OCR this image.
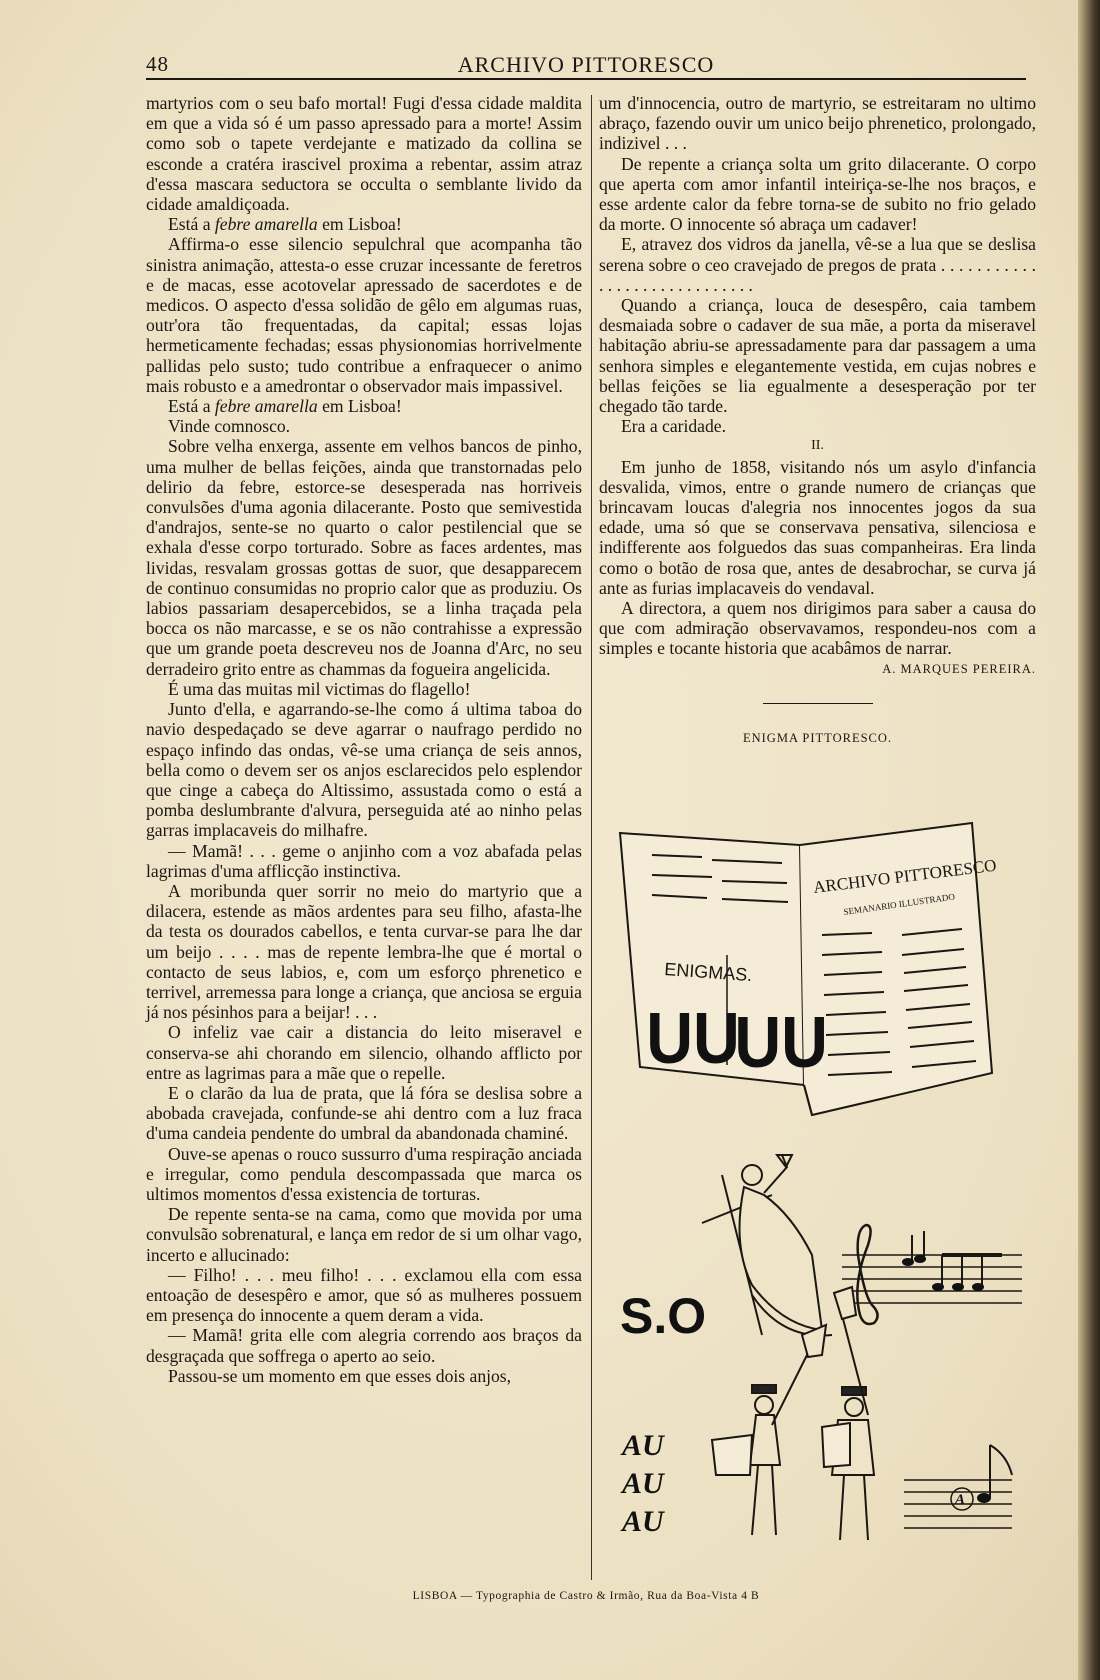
48	ARCHIVO PITTORESCO

martyrios com o seu bafo mortal! Fugi d'essa cidade maldita em que a vida só é um passo apressado para a morte! Assim como sob o tapete verdejante e matizado da collina se esconde a cratéra irascivel proxima a rebentar, assim atraz d'essa mascara seductora se occulta o semblante livido da cidade amaldiçoada.

Está a febre amarella em Lisboa!

Affirma-o esse silencio sepulchral que acompanha tão sinistra animação, attesta-o esse cruzar incessante de feretros e de macas, esse acotovelar apressado de sacerdotes e de medicos. O aspecto d'essa solidão de gêlo em algumas ruas, outr'ora tão frequentadas, da capital; essas lojas hermeticamente fechadas; essas physionomias horrivelmente pallidas pelo susto; tudo contribue a enfraquecer o animo mais robusto e a amedrontar o observador mais impassivel.

Está a febre amarella em Lisboa!

Vinde comnosco.

Sobre velha enxerga, assente em velhos bancos de pinho, uma mulher de bellas feições, ainda que transtornadas pelo delirio da febre, estorce-se desesperada nas horriveis convulsões d'uma agonia dilacerante. Posto que semivestida d'andrajos, sente-se no quarto o calor pestilencial que se exhala d'esse corpo torturado. Sobre as faces ardentes, mas lividas, resvalam grossas gottas de suor, que desapparecem de continuo consumidas no proprio calor que as produziu. Os labios passariam desapercebidos, se a linha traçada pela bocca os não marcasse, e se os não contrahisse a expressão que um grande poeta descreveu nos de Joanna d'Arc, no seu derradeiro grito entre as chammas da fogueira angelicida.

É uma das muitas mil victimas do flagello!

Junto d'ella, e agarrando-se-lhe como á ultima taboa do navio despedaçado se deve agarrar o naufrago perdido no espaço infindo das ondas, vê-se uma criança de seis annos, bella como o devem ser os anjos esclarecidos pelo esplendor que cinge a cabeça do Altissimo, assustada como o está a pomba deslumbrante d'alvura, perseguida até ao ninho pelas garras implacaveis do milhafre.

— Mamã! . . . geme o anjinho com a voz abafada pelas lagrimas d'uma afflicção instinctiva.

A moribunda quer sorrir no meio do martyrio que a dilacera, estende as mãos ardentes para seu filho, afasta-lhe da testa os dourados cabellos, e tenta curvar-se para lhe dar um beijo . . . . mas de repente lembra-lhe que é mortal o contacto de seus labios, e, com um esforço phrenetico e terrivel, arremessa para longe a criança, que anciosa se erguia já nos pésinhos para a beijar! . . .

O infeliz vae cair a distancia do leito miseravel e conserva-se ahi chorando em silencio, olhando afflicto por entre as lagrimas para a mãe que o repelle.

E o clarão da lua de prata, que lá fóra se deslisa sobre a abobada cravejada, confunde-se ahi dentro com a luz fraca d'uma candeia pendente do umbral da abandonada chaminé.

Ouve-se apenas o rouco sussurro d'uma respiração anciada e irregular, como pendula descompassada que marca os ultimos momentos d'essa existencia de torturas.

De repente senta-se na cama, como que movida por uma convulsão sobrenatural, e lança em redor de si um olhar vago, incerto e allucinado:

— Filho! . . . meu filho! . . . exclamou ella com essa entoação de desespêro e amor, que só as mulheres possuem em presença do innocente a quem deram a vida.

— Mamã! grita elle com alegria correndo aos braços da desgraçada que soffrega o aperto ao seio.

Passou-se um momento em que esses dois anjos,

um d'innocencia, outro de martyrio, se estreitaram no ultimo abraço, fazendo ouvir um unico beijo phrenetico, prolongado, indizivel . . .

De repente a criança solta um grito dilacerante. O corpo que aperta com amor infantil inteiriça-se-lhe nos braços, e esse ardente calor da febre torna-se de subito no frio gelado da morte. O innocente só abraça um cadaver!

E, atravez dos vidros da janella, vê-se a lua que se deslisa serena sobre o ceo cravejado de pregos de prata . . . . . . . . . . . . . . . . . . . . . . . . . . . . .

Quando a criança, louca de desespêro, caia tambem desmaiada sobre o cadaver de sua mãe, a porta da miseravel habitação abriu-se apressadamente para dar passagem a uma senhora simples e elegantemente vestida, em cujas nobres e bellas feições se lia egualmente a desesperação por ter chegado tão tarde.

Era a caridade.

II.

Em junho de 1858, visitando nós um asylo d'infancia desvalida, vimos, entre o grande numero de crianças que brincavam loucas d'alegria nos innocentes jogos da sua edade, uma só que se conservava pensativa, silenciosa e indifferente aos folguedos das suas companheiras. Era linda como o botão de rosa que, antes de desabrochar, se curva já ante as furias implacaveis do vendaval.

A directora, a quem nos dirigimos para saber a causa do que com admiração observavamos, respondeu-nos com a simples e tocante historia que acabâmos de narrar.

A. MARQUES PEREIRA.

ENIGMA PITTORESCO.

ARCHIVO PITTORESCO
SEMANARIO ILLUSTRADO
ENIGMAS.
UU
UU
S.O
AU
AU
AU
A
LISBOA — Typographia de Castro & Irmão, Rua da Boa-Vista 4 B
